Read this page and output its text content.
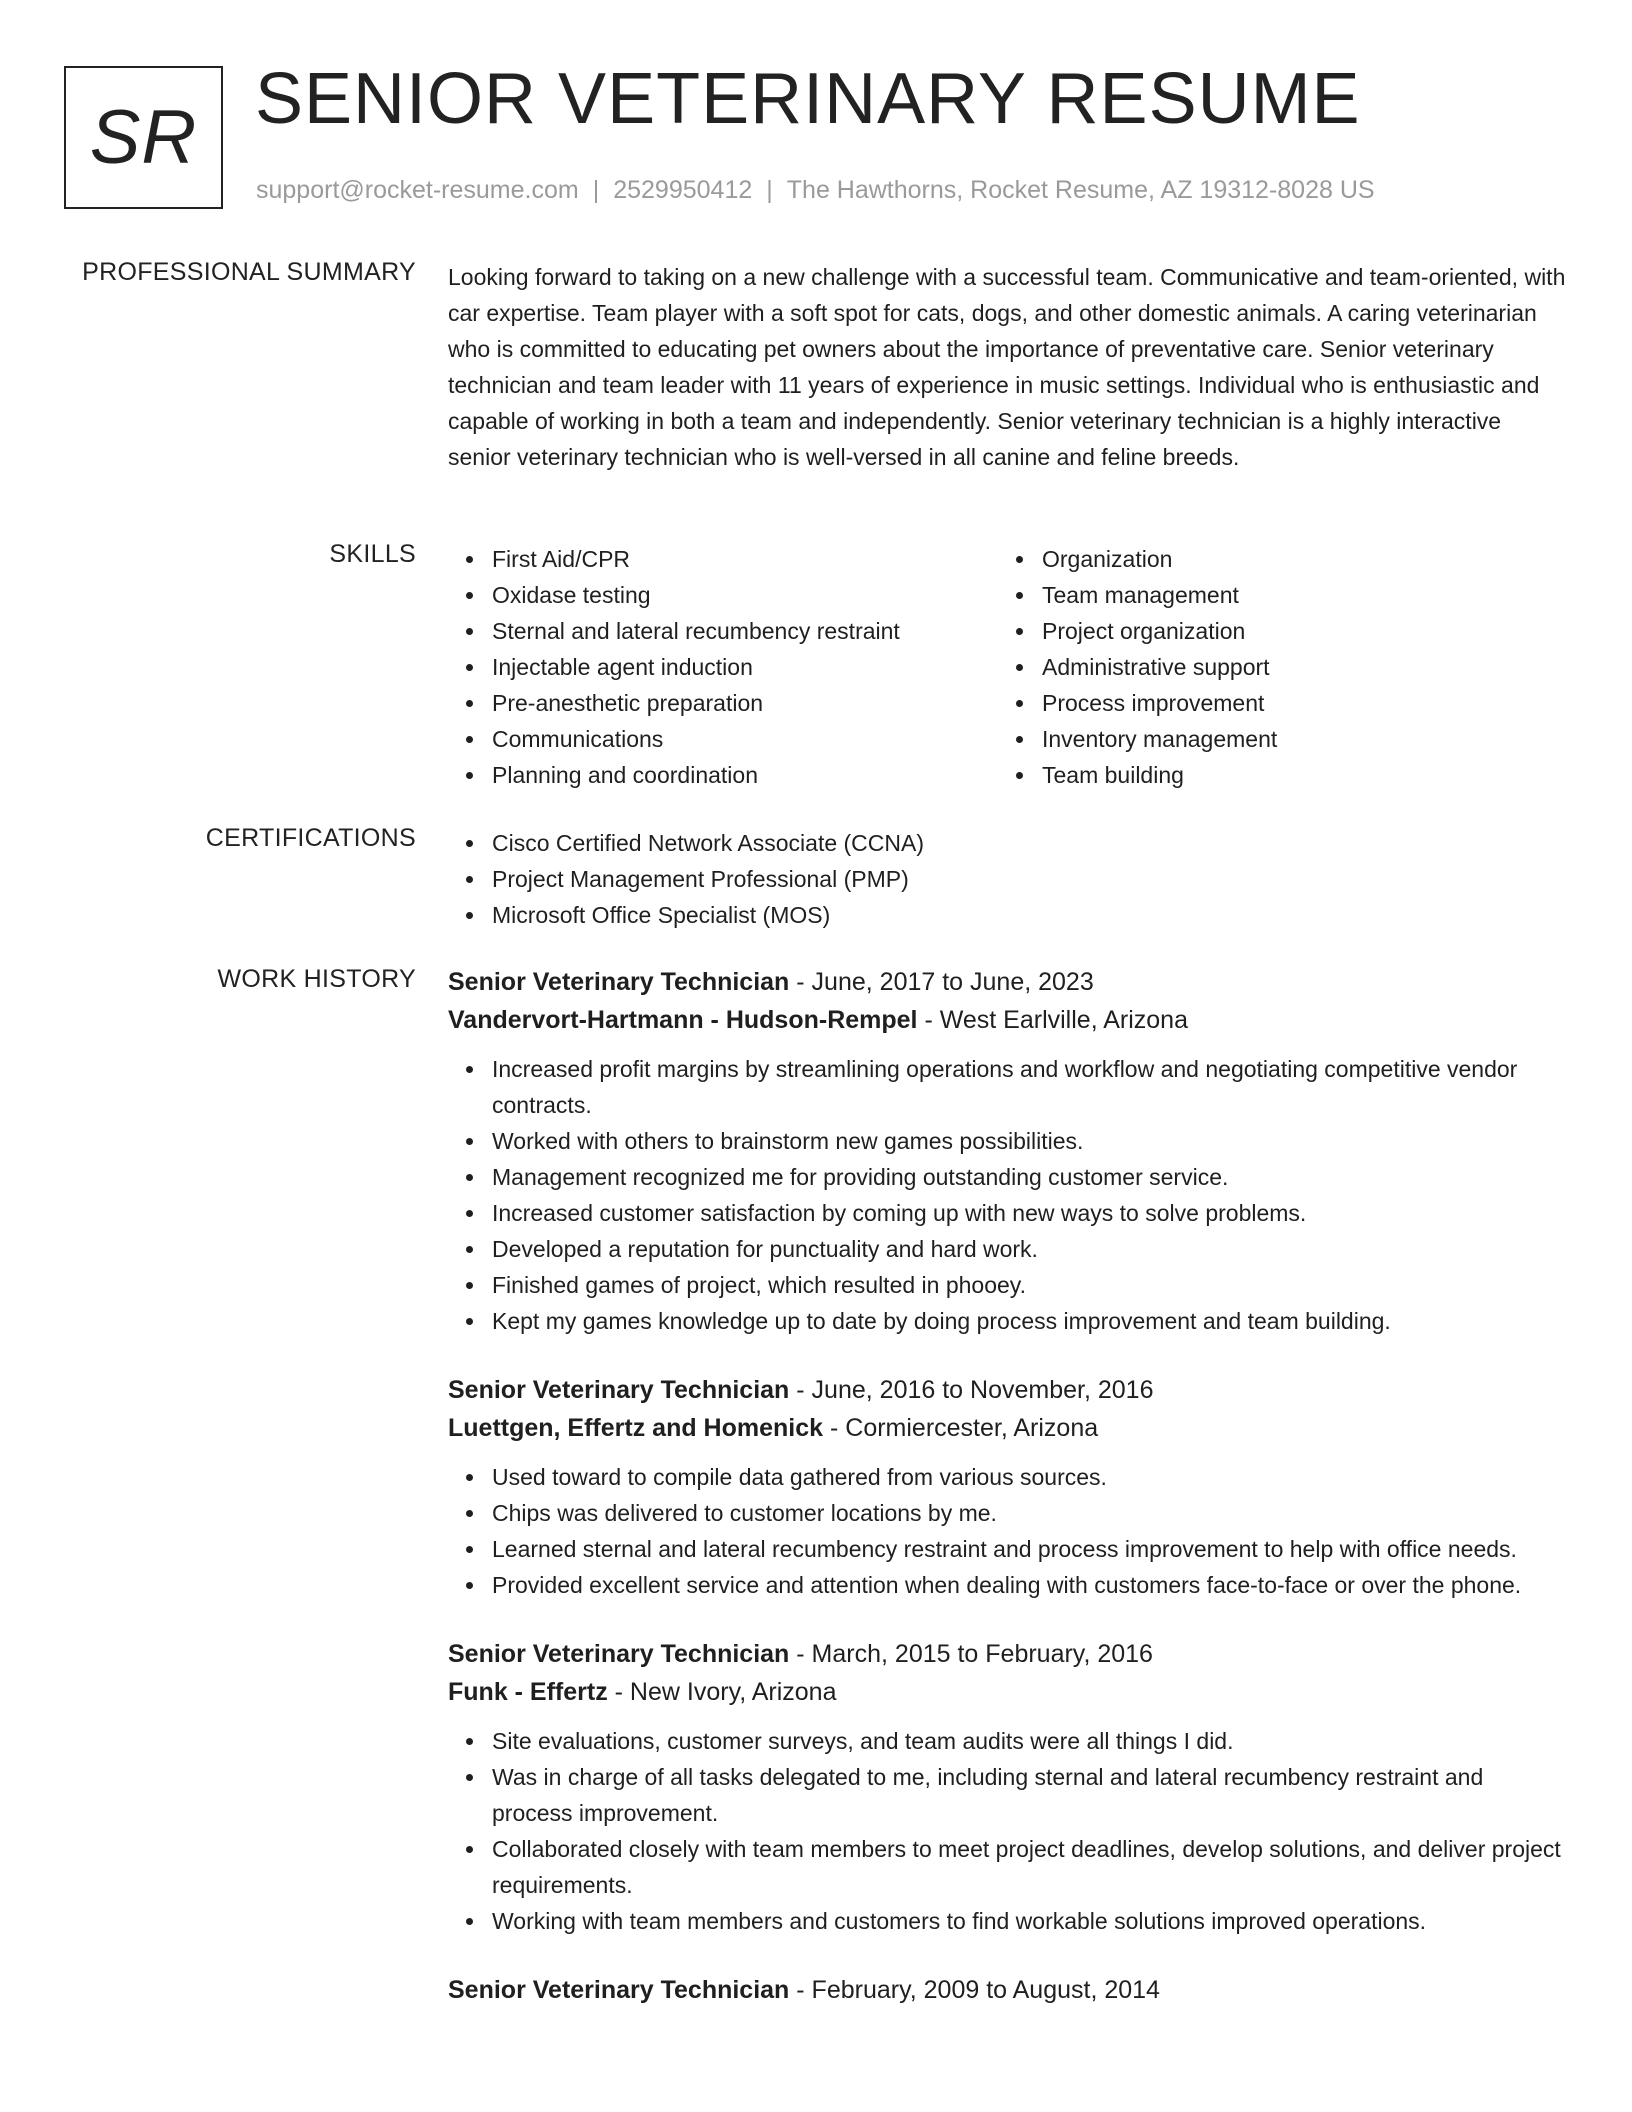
SR SENIOR VETERINARY RESUME
support@rocket-resume.com | 2529950412 | The Hawthorns, Rocket Resume, AZ 19312-8028 US
PROFESSIONAL SUMMARY Looking forward to taking on a new challenge with a successful team. Communicative and team-oriented, with car expertise. Team player with a soft spot for cats, dogs, and other domestic animals. A caring veterinarian who is committed to educating pet owners about the importance of preventative care. Senior veterinary technician and team leader with 11 years of experience in music settings. Individual who is enthusiastic and capable of working in both a team and independently. Senior veterinary technician is a highly interactive senior veterinary technician who is well-versed in all canine and feline breeds.
SKILLS	First Aid/CPR
Oxidase testing
Sternal and lateral recumbency restraint
Injectable agent induction
Pre-anesthetic preparation
Communications
Planning and coordination
Organization
Team management
Project organization
Administrative support
Process improvement
Inventory management
Team building
CERTIFICATIONS	Cisco Certified Network Associate (CCNA)
Project Management Professional (PMP)
Microsoft Office Specialist (MOS)
WORK HISTORY Senior Veterinary Technician - June, 2017 to June, 2023
Vandervort-Hartmann - Hudson-Rempel - West Earlville, Arizona
Increased profit margins by streamlining operations and workflow and negotiating competitive vendor contracts.
Worked with others to brainstorm new games possibilities.
Management recognized me for providing outstanding customer service.
Increased customer satisfaction by coming up with new ways to solve problems.
Developed a reputation for punctuality and hard work.
Finished games of project, which resulted in phooey.
Kept my games knowledge up to date by doing process improvement and team building.
Senior Veterinary Technician - June, 2016 to November, 2016
Luettgen, Effertz and Homenick - Cormiercester, Arizona
Used toward to compile data gathered from various sources.
Chips was delivered to customer locations by me.
Learned sternal and lateral recumbency restraint and process improvement to help with office needs.
Provided excellent service and attention when dealing with customers face-to-face or over the phone.
Senior Veterinary Technician - March, 2015 to February, 2016
Funk - Effertz - New Ivory, Arizona
Site evaluations, customer surveys, and team audits were all things I did.
Was in charge of all tasks delegated to me, including sternal and lateral recumbency restraint and process improvement.
Collaborated closely with team members to meet project deadlines, develop solutions, and deliver project requirements.
Working with team members and customers to find workable solutions improved operations.
Senior Veterinary Technician - February, 2009 to August, 2014
